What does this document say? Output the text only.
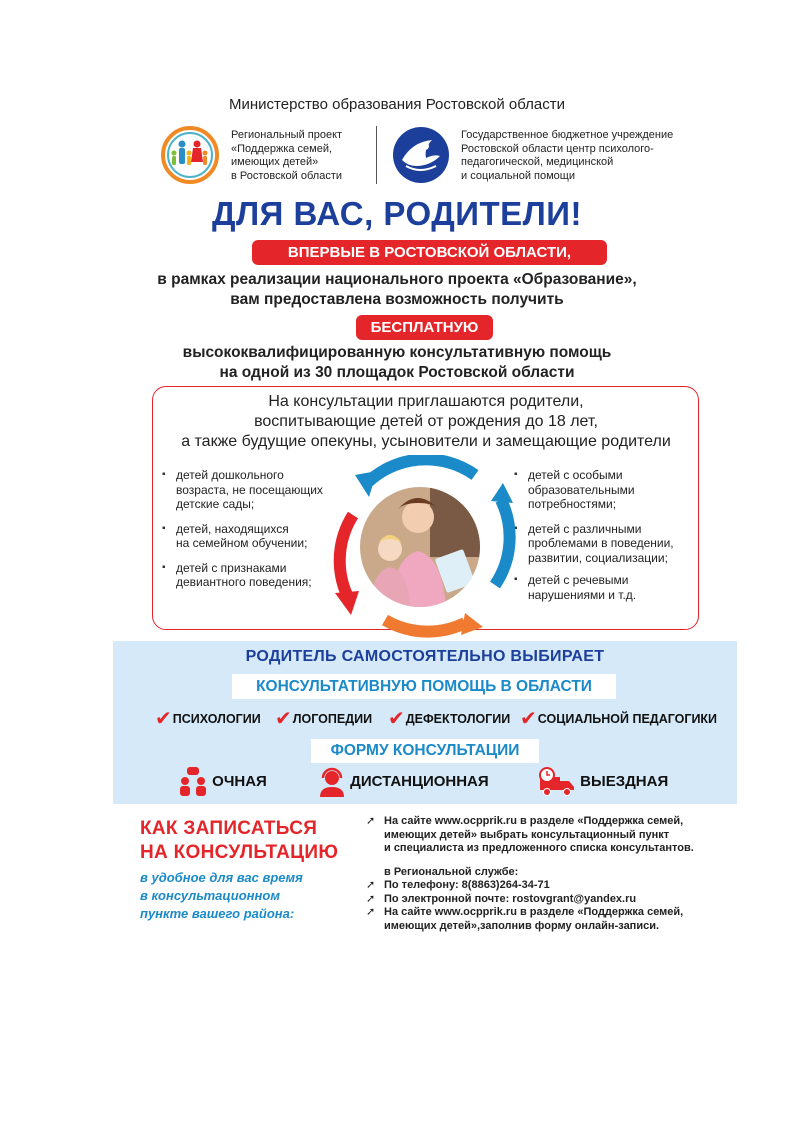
Министерство образования Ростовской области
Региональный проект
«Поддержка семей,
имеющих детей»
в Ростовской области
Государственное бюджетное учреждение
Ростовской области центр психолого-
педагогической, медицинской
и социальной помощи
ДЛЯ ВАС, РОДИТЕЛИ!
ВПЕРВЫЕ В РОСТОВСКОЙ ОБЛАСТИ,
в рамках реализации национального проекта «Образование»,
вам предоставлена возможность получить
БЕСПЛАТНУЮ
высококвалифицированную консультативную помощь
на одной из 30 площадок Ростовской области
На консультации приглашаются родители,
воспитывающие детей от рождения до 18 лет,
а также будущие опекуны, усыновители и замещающие родители
▪ детей дошкольного
возраста, не посещающих
детские сады;
▪ детей, находящихся
на семейном обучении;
▪ детей с признаками
девиантного поведения;
▪ детей с особыми
образовательными
потребностями;
▪ детей с различными
проблемами в поведении,
развитии, социализации;
▪ детей с речевыми
нарушениями и т.д.
РОДИТЕЛЬ САМОСТОЯТЕЛЬНО ВЫБИРАЕТ
КОНСУЛЬТАТИВНУЮ ПОМОЩЬ В ОБЛАСТИ
✔ПСИХОЛОГИИ ✔ЛОГОПЕДИИ ✔ДЕФЕКТОЛОГИИ ✔СОЦИАЛЬНОЙ ПЕДАГОГИКИ
ФОРМУ КОНСУЛЬТАЦИИ
ОЧНАЯ	ДИСТАНЦИОННАЯ	ВЫЕЗДНАЯ
КАК ЗАПИСАТЬСЯ
НА КОНСУЛЬТАЦИЮ
в удобное для вас время
в консультационном
пункте вашего района:
➚ На сайте www.ocpprik.ru в разделе «Поддержка семей,
имеющих детей» выбрать консультационный пункт
и специалиста из предложенного списка консультантов.
в Региональной службе:
➚ По телефону: 8(8863)264-34-71
➚ По электронной почте: rostovgrant@yandex.ru
➚ На сайте www.ocpprik.ru в разделе «Поддержка семей,
имеющих детей»,заполнив форму онлайн-записи.
